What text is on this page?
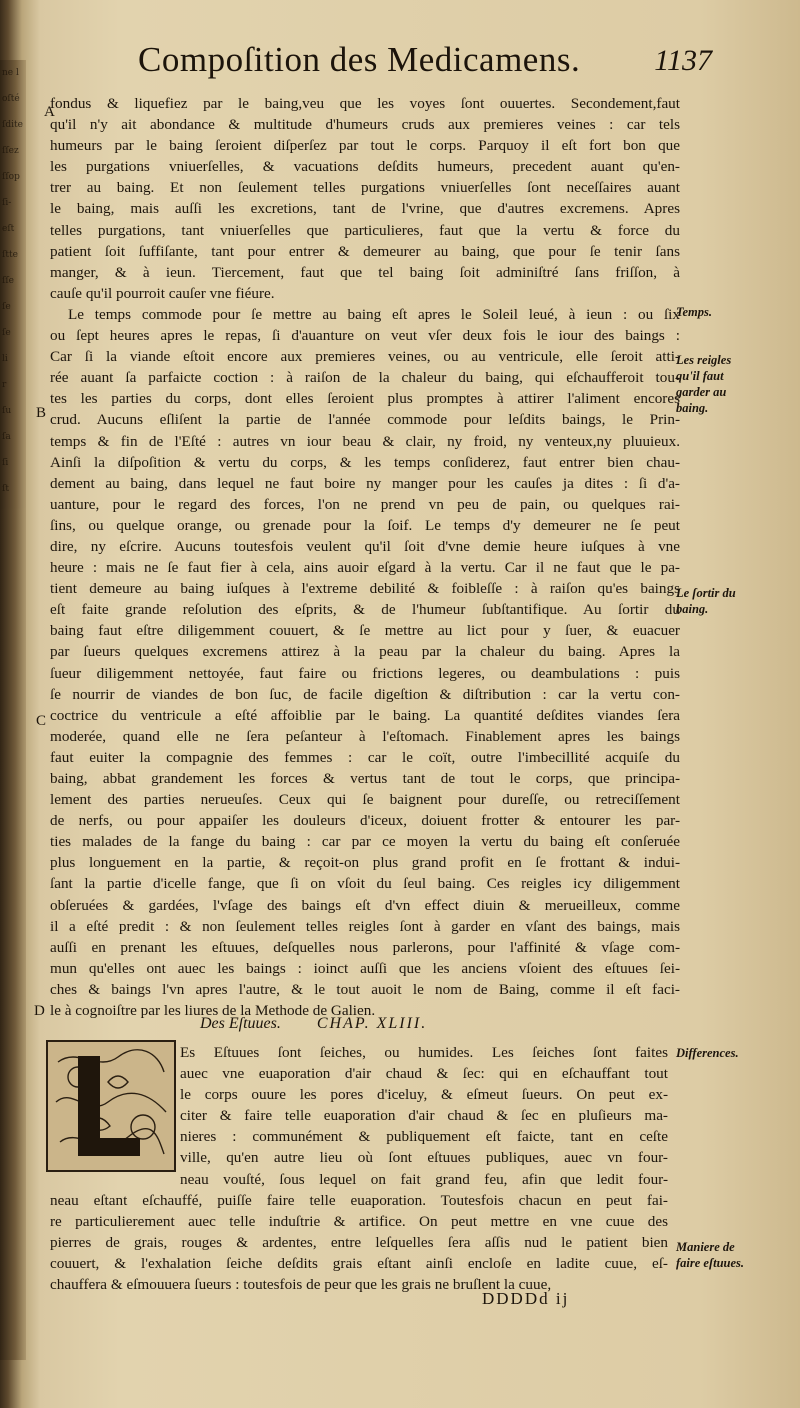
ne l
oſté
ſdite
ſſez
ſſop
ſi-
eſt
ſtte
ſſe
ſe
ſe
li
r
ſu
ſa
ſi
ſt
Compoſition des Medicamens. 1137
A
B
C
D
fondus & liquefiez par le baing,veu que les voyes ſont ouuertes. Secondement,faut
qu'il n'y ait abondance & multitude d'humeurs cruds aux premieres veines : car tels
humeurs par le baing ſeroient diſperſez par tout le corps. Parquoy il eſt fort bon que
les purgations vniuerſelles, & vacuations deſdits humeurs, precedent auant qu'en-
trer au baing. Et non ſeulement telles purgations vniuerſelles ſont neceſſaires auant
le baing, mais auſſi les excretions, tant de l'vrine, que d'autres excremens. Apres
telles purgations, tant vniuerſelles que particulieres, faut que la vertu & force du
patient ſoit ſuffiſante, tant pour entrer & demeurer au baing, que pour ſe tenir ſans
manger, & à ieun. Tiercement, faut que tel baing ſoit adminiſtré ſans friſſon, à
cauſe qu'il pourroit cauſer vne fiéure.
Le temps commode pour ſe mettre au baing eſt apres le Soleil leué, à ieun : ou ſix
ou ſept heures apres le repas, ſi d'auanture on veut vſer deux fois le iour des baings :
Car ſi la viande eſtoit encore aux premieres veines, ou au ventricule, elle ſeroit atti-
rée auant ſa parfaicte coction : à raiſon de la chaleur du baing, qui eſchaufferoit tou-
tes les parties du corps, dont elles ſeroient plus promptes à attirer l'aliment encores
crud. Aucuns eſliſent la partie de l'année commode pour leſdits baings, le Prin-
temps & fin de l'Eſté : autres vn iour beau & clair, ny froid, ny venteux,ny pluuieux.
Ainſi la diſpoſition & vertu du corps, & les temps conſiderez, faut entrer bien chau-
dement au baing, dans lequel ne faut boire ny manger pour les cauſes ja dites : ſi d'a-
uanture, pour le regard des forces, l'on ne prend vn peu de pain, ou quelques rai-
ſins, ou quelque orange, ou grenade pour la ſoif. Le temps d'y demeurer ne ſe peut
dire, ny eſcrire. Aucuns toutesfois veulent qu'il ſoit d'vne demie heure iuſques à vne
heure : mais ne ſe faut fier à cela, ains auoir eſgard à la vertu. Car il ne faut que le pa-
tient demeure au baing iuſques à l'extreme debilité & foibleſſe : à raiſon qu'es baings
eſt faite grande reſolution des eſprits, & de l'humeur ſubſtantifique. Au ſortir du
baing faut eſtre diligemment couuert, & ſe mettre au lict pour y ſuer, & euacuer
par ſueurs quelques excremens attirez à la peau par la chaleur du baing. Apres la
ſueur diligemment nettoyée, faut faire ou frictions legeres, ou deambulations : puis
ſe nourrir de viandes de bon ſuc, de facile digeſtion & diſtribution : car la vertu con-
coctrice du ventricule a eſté affoiblie par le baing. La quantité deſdites viandes ſera
moderée, quand elle ne ſera peſanteur à l'eſtomach. Finablement apres les baings
faut euiter la compagnie des femmes : car le coït, outre l'imbecillité acquiſe du
baing, abbat grandement les forces & vertus tant de tout le corps, que principa-
lement des parties nerueuſes. Ceux qui ſe baignent pour dureſſe, ou retreciſſement
de nerfs, ou pour appaiſer les douleurs d'iceux, doiuent frotter & entourer les par-
ties malades de la fange du baing : car par ce moyen la vertu du baing eſt conſeruée
plus longuement en la partie, & reçoit-on plus grand profit en ſe frottant & indui-
ſant la partie d'icelle fange, que ſi on vſoit du ſeul baing. Ces reigles icy diligemment
obſeruées & gardées, l'vſage des baings eſt d'vn effect diuin & merueilleux, comme
il a eſté predit : & non ſeulement telles reigles ſont à garder en vſant des baings, mais
auſſi en prenant les eſtuues, deſquelles nous parlerons, pour l'affinité & vſage com-
mun qu'elles ont auec les baings : ioinct auſſi que les anciens vſoient des eſtuues ſei-
ches & baings l'vn apres l'autre, & le tout auoit le nom de Baing, comme il eſt faci-
le à cognoiſtre par les liures de la Methode de Galien.
Temps.
Les reigles
qu'il faut
garder au
baing.
Le ſortir du
baing.
Differences.
Maniere de
faire eſtuues.
Des Eſtuues. CHAP. XLIII.
Es Eſtuues ſont ſeiches, ou humides. Les ſeiches ſont faites
auec vne euaporation d'air chaud & ſec: qui en eſchauffant tout
le corps ouure les pores d'iceluy, & eſmeut ſueurs. On peut ex-
citer & faire telle euaporation d'air chaud & ſec en pluſieurs ma-
nieres : communément & publiquement eſt faicte, tant en ceſte
ville, qu'en autre lieu où ſont eſtuues publiques, auec vn four-
neau vouſté, ſous lequel on fait grand feu, afin que ledit four-
neau eſtant eſchauffé, puiſſe faire telle euaporation. Toutesfois chacun en peut fai-
re particulierement auec telle induſtrie & artifice. On peut mettre en vne cuue des
pierres de grais, rouges & ardentes, entre leſquelles ſera aſſis nud le patient bien
couuert, & l'exhalation ſeiche deſdits grais eſtant ainſi encloſe en ladite cuue, eſ-
chauffera & eſmouuera ſueurs : toutesfois de peur que les grais ne bruſlent la cuue,
DDDDd ij
